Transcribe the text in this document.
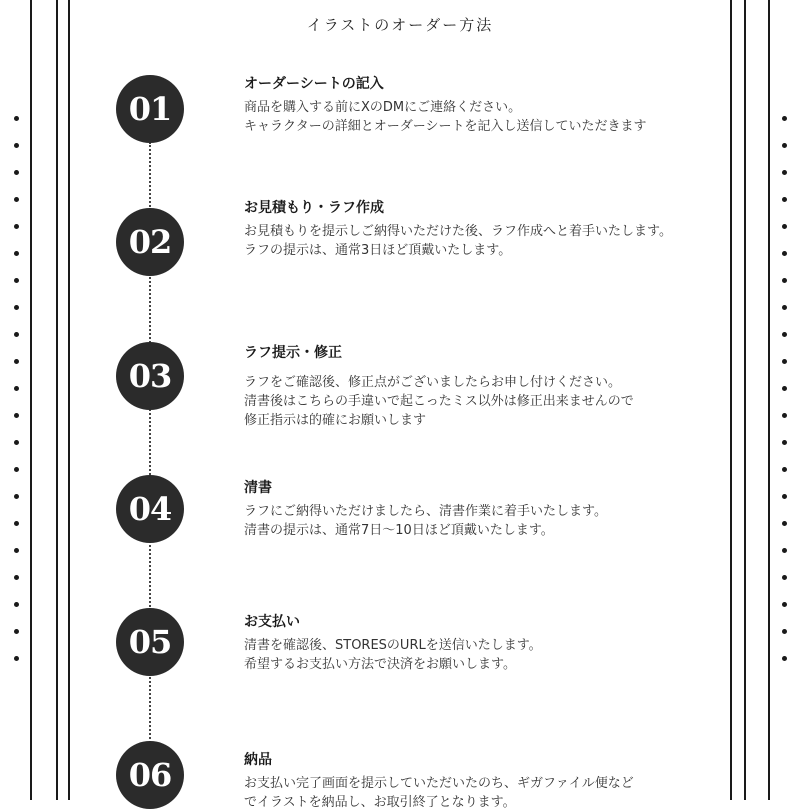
イラストのオーダー方法
01
オーダーシートの記入
商品を購入する前にXのDMにご連絡ください。
キャラクターの詳細とオーダーシートを記入し送信していただきます
02
お見積もり・ラフ作成
お見積もりを提示しご納得いただけた後、ラフ作成へと着手いたします。
ラフの提示は、通常3日ほど頂戴いたします。
03
ラフ提示・修正
ラフをご確認後、修正点がございましたらお申し付けください。
清書後はこちらの手違いで起こったミス以外は修正出来ませんので
修正指示は的確にお願いします
04
清書
ラフにご納得いただけましたら、清書作業に着手いたします。
清書の提示は、通常7日〜10日ほど頂戴いたします。
05
お支払い
清書を確認後、STORESのURLを送信いたします。
希望するお支払い方法で決済をお願いします。
06	納品
お支払い完了画面を提示していただいたのち、ギガファイル便など
でイラストを納品し、お取引終了となります。
